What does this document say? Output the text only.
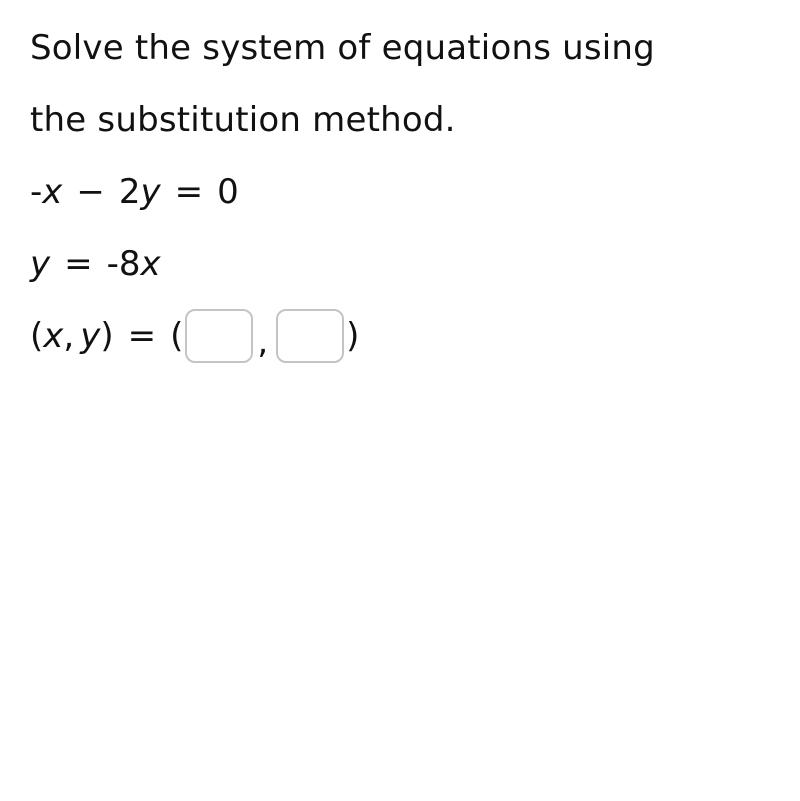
Solve the system of equations using
the substitution method.
- x − 2 y = 0
y = -8 x
( x , y ) = ( , )
